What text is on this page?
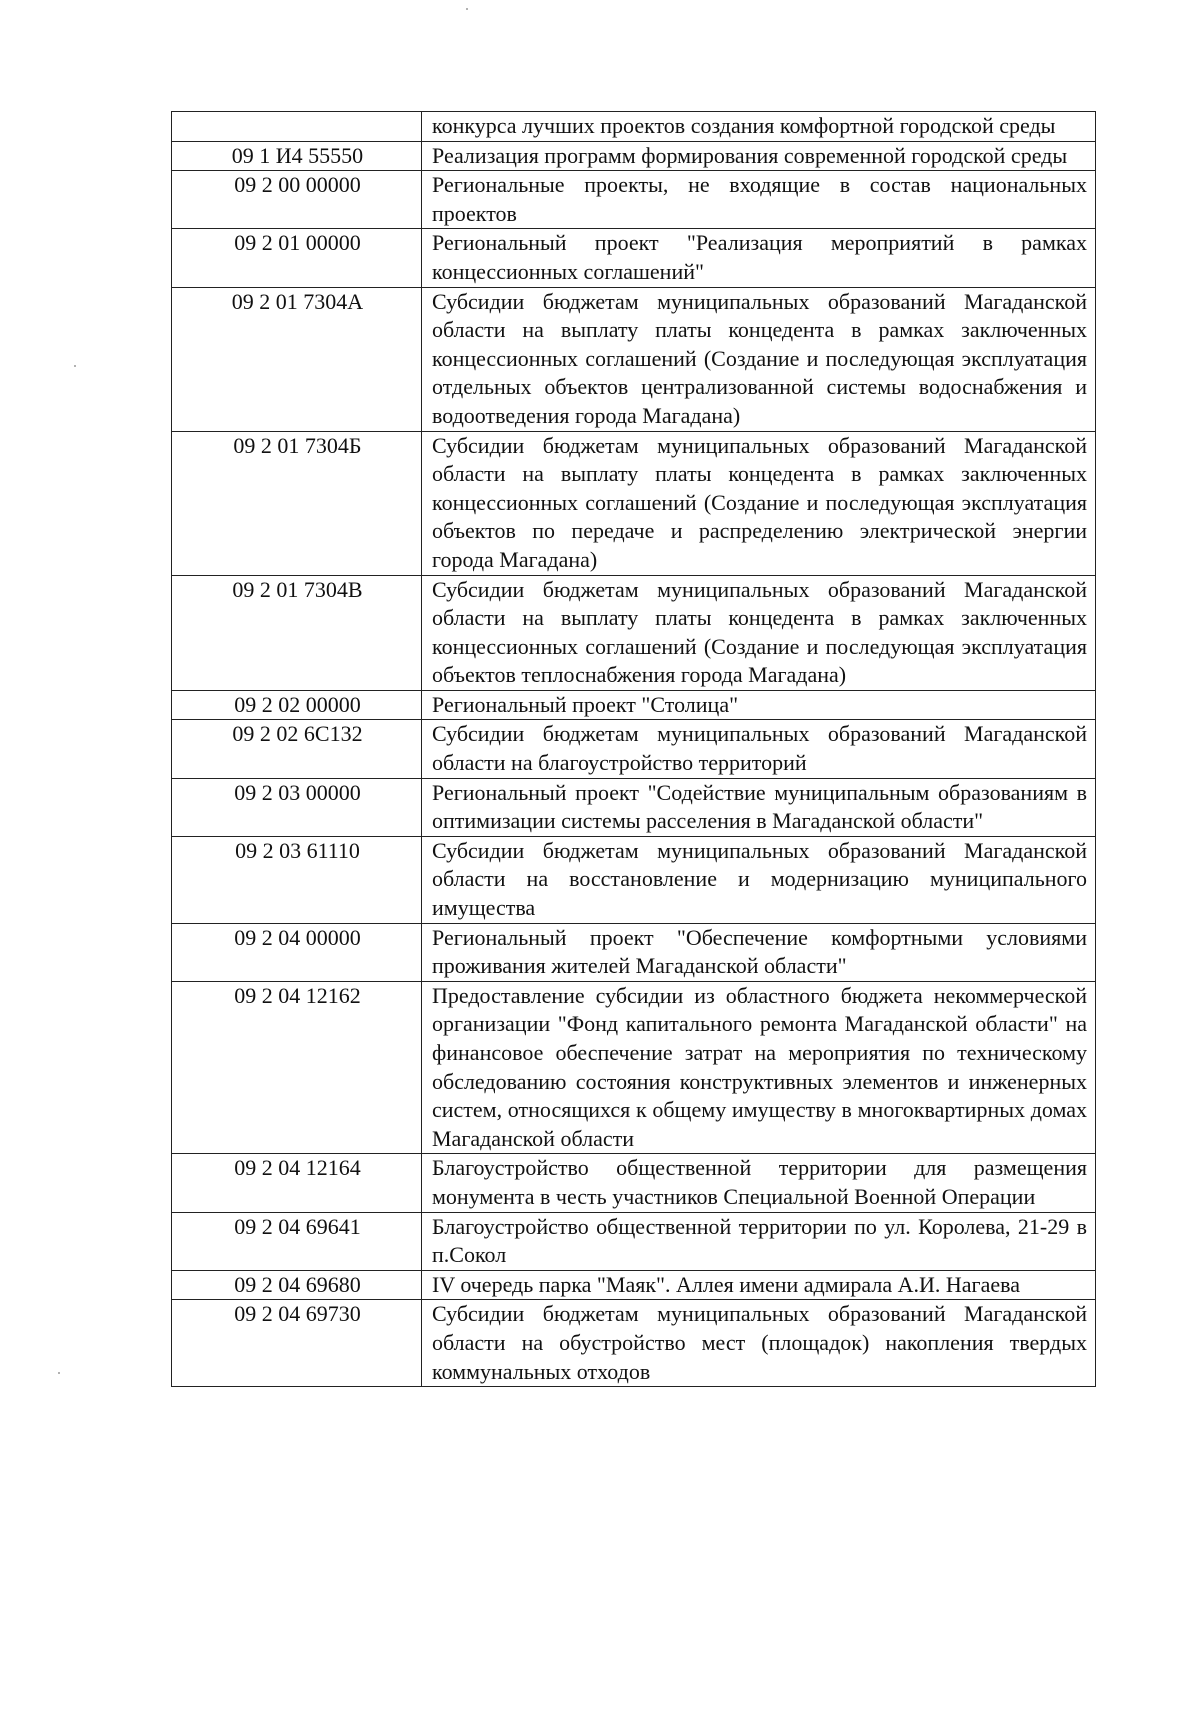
	конкурса лучших проектов создания комфортной городской среды
09 1 И4 55550	Реализация программ формирования современной городской среды
09 2 00 00000	Региональные проекты, не входящие в состав национальных проектов
09 2 01 00000	Региональный проект "Реализация мероприятий в рамках концессионных соглашений"
09 2 01 7304А	Субсидии бюджетам муниципальных образований Магаданской области на выплату платы концедента в рамках заключенных концессионных соглашений (Создание и последующая эксплуатация отдельных объектов централизованной системы водоснабжения и водоотведения города Магадана)
09 2 01 7304Б	Субсидии бюджетам муниципальных образований Магаданской области на выплату платы концедента в рамках заключенных концессионных соглашений (Создание и последующая эксплуатация объектов по передаче и распределению электрической энергии города Магадана)
09 2 01 7304В	Субсидии бюджетам муниципальных образований Магаданской области на выплату платы концедента в рамках заключенных концессионных соглашений (Создание и последующая эксплуатация объектов теплоснабжения города Магадана)
09 2 02 00000	Региональный проект "Столица"
09 2 02 6С132	Субсидии бюджетам муниципальных образований Магаданской области на благоустройство территорий
09 2 03 00000	Региональный проект "Содействие муниципальным образованиям в оптимизации системы расселения в Магаданской области"
09 2 03 61110	Субсидии бюджетам муниципальных образований Магаданской области на восстановление и модернизацию муниципального имущества
09 2 04 00000	Региональный проект "Обеспечение комфортными условиями проживания жителей Магаданской области"
09 2 04 12162	Предоставление субсидии из областного бюджета некоммерческой организации "Фонд капитального ремонта Магаданской области" на финансовое обеспечение затрат на мероприятия по техническому обследованию состояния конструктивных элементов и инженерных систем, относящихся к общему имуществу в многоквартирных домах Магаданской области
09 2 04 12164	Благоустройство общественной территории для размещения монумента в честь участников Специальной Военной Операции
09 2 04 69641	Благоустройство общественной территории по ул. Королева, 21-29 в п.Сокол
09 2 04 69680	IV очередь парка "Маяк". Аллея имени адмирала А.И. Нагаева
09 2 04 69730	Субсидии бюджетам муниципальных образований Магаданской области на обустройство мест (площадок) накопления твердых коммунальных отходов
